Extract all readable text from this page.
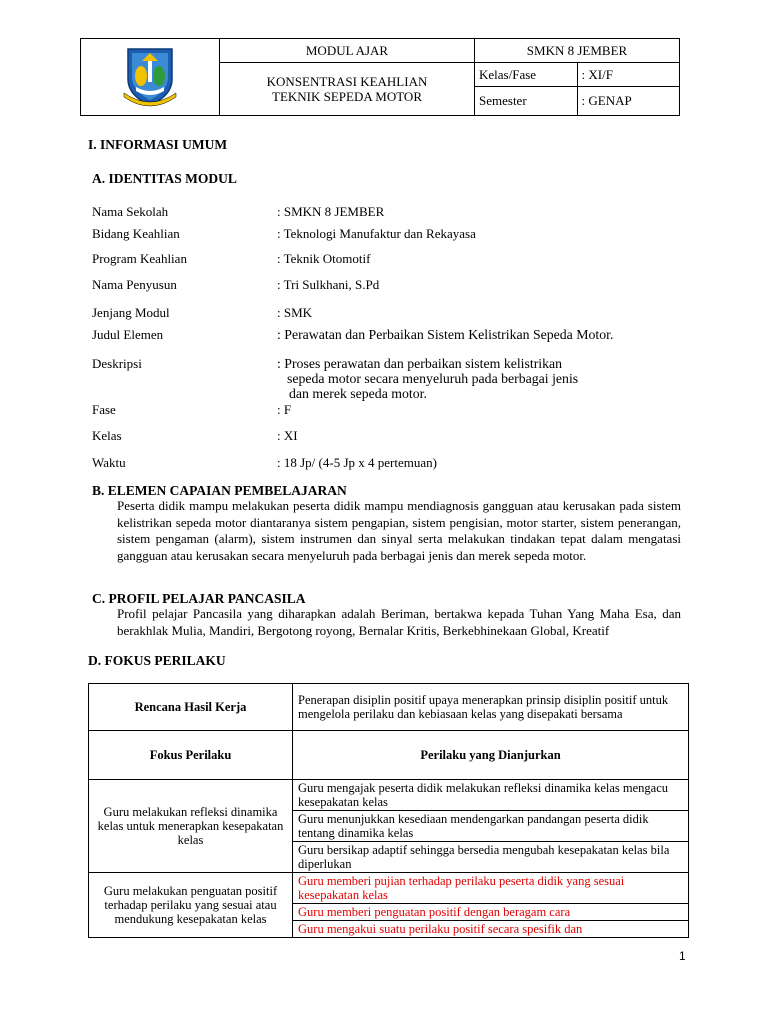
	MODUL AJAR	SMKN 8 JEMBER	

	KONSENTRASI KEAHLIAN
TEKNIK SEPEDA MOTOR	Kelas/Fase	: XI/F
		Semester	: GENAP
I. INFORMASI UMUM
A. IDENTITAS MODUL
Nama Sekolah	: SMKN 8 JEMBER
Bidang Keahlian	: Teknologi Manufaktur dan Rekayasa
Program Keahlian	: Teknik Otomotif
Nama Penyusun	: Tri Sulkhani, S.Pd
Jenjang Modul	: SMK
Judul Elemen	: Perawatan dan Perbaikan Sistem Kelistrikan Sepeda Motor.
Deskripsi	: Proses perawatan dan perbaikan sistem kelistrikan
sepeda motor secara menyeluruh pada berbagai jenis
dan merek sepeda motor.
Fase	: F
Kelas	: XI
Waktu	: 18 Jp/ (4-5 Jp x 4 pertemuan)
B. ELEMEN CAPAIAN PEMBELAJARAN
Peserta didik mampu melakukan peserta didik mampu mendiagnosis gangguan atau kerusakan pada sistem kelistrikan sepeda motor diantaranya sistem pengapian, sistem pengisian, motor starter, sistem penerangan, sistem pengaman (alarm), sistem instrumen dan sinyal serta melakukan tindakan tepat dalam mengatasi gangguan atau kerusakan secara menyeluruh pada berbagai jenis dan merek sepeda motor.
C. PROFIL PELAJAR PANCASILA
Profil pelajar Pancasila yang diharapkan adalah Beriman, bertakwa kepada Tuhan Yang Maha Esa, dan berakhlak Mulia, Mandiri, Bergotong royong, Bernalar Kritis, Berkebhinekaan Global, Kreatif
D. FOKUS PERILAKU
Rencana Hasil Kerja	Penerapan disiplin positif upaya menerapkan prinsip disiplin positif untuk mengelola perilaku dan kebiasaan kelas yang disepakati bersama
Fokus Perilaku	Perilaku yang Dianjurkan
Guru melakukan refleksi dinamika kelas untuk menerapkan kesepakatan kelas	Guru mengajak peserta didik melakukan refleksi dinamika kelas mengacu kesepakatan kelas
	Guru menunjukkan kesediaan mendengarkan pandangan peserta didik tentang dinamika kelas
	Guru bersikap adaptif sehingga bersedia mengubah kesepakatan kelas bila diperlukan
Guru melakukan penguatan positif terhadap perilaku yang sesuai atau mendukung kesepakatan kelas	Guru memberi pujian terhadap perilaku peserta didik yang sesuai kesepakatan kelas
	Guru memberi penguatan positif dengan beragam cara
	Guru mengakui suatu perilaku positif secara spesifik dan
1
